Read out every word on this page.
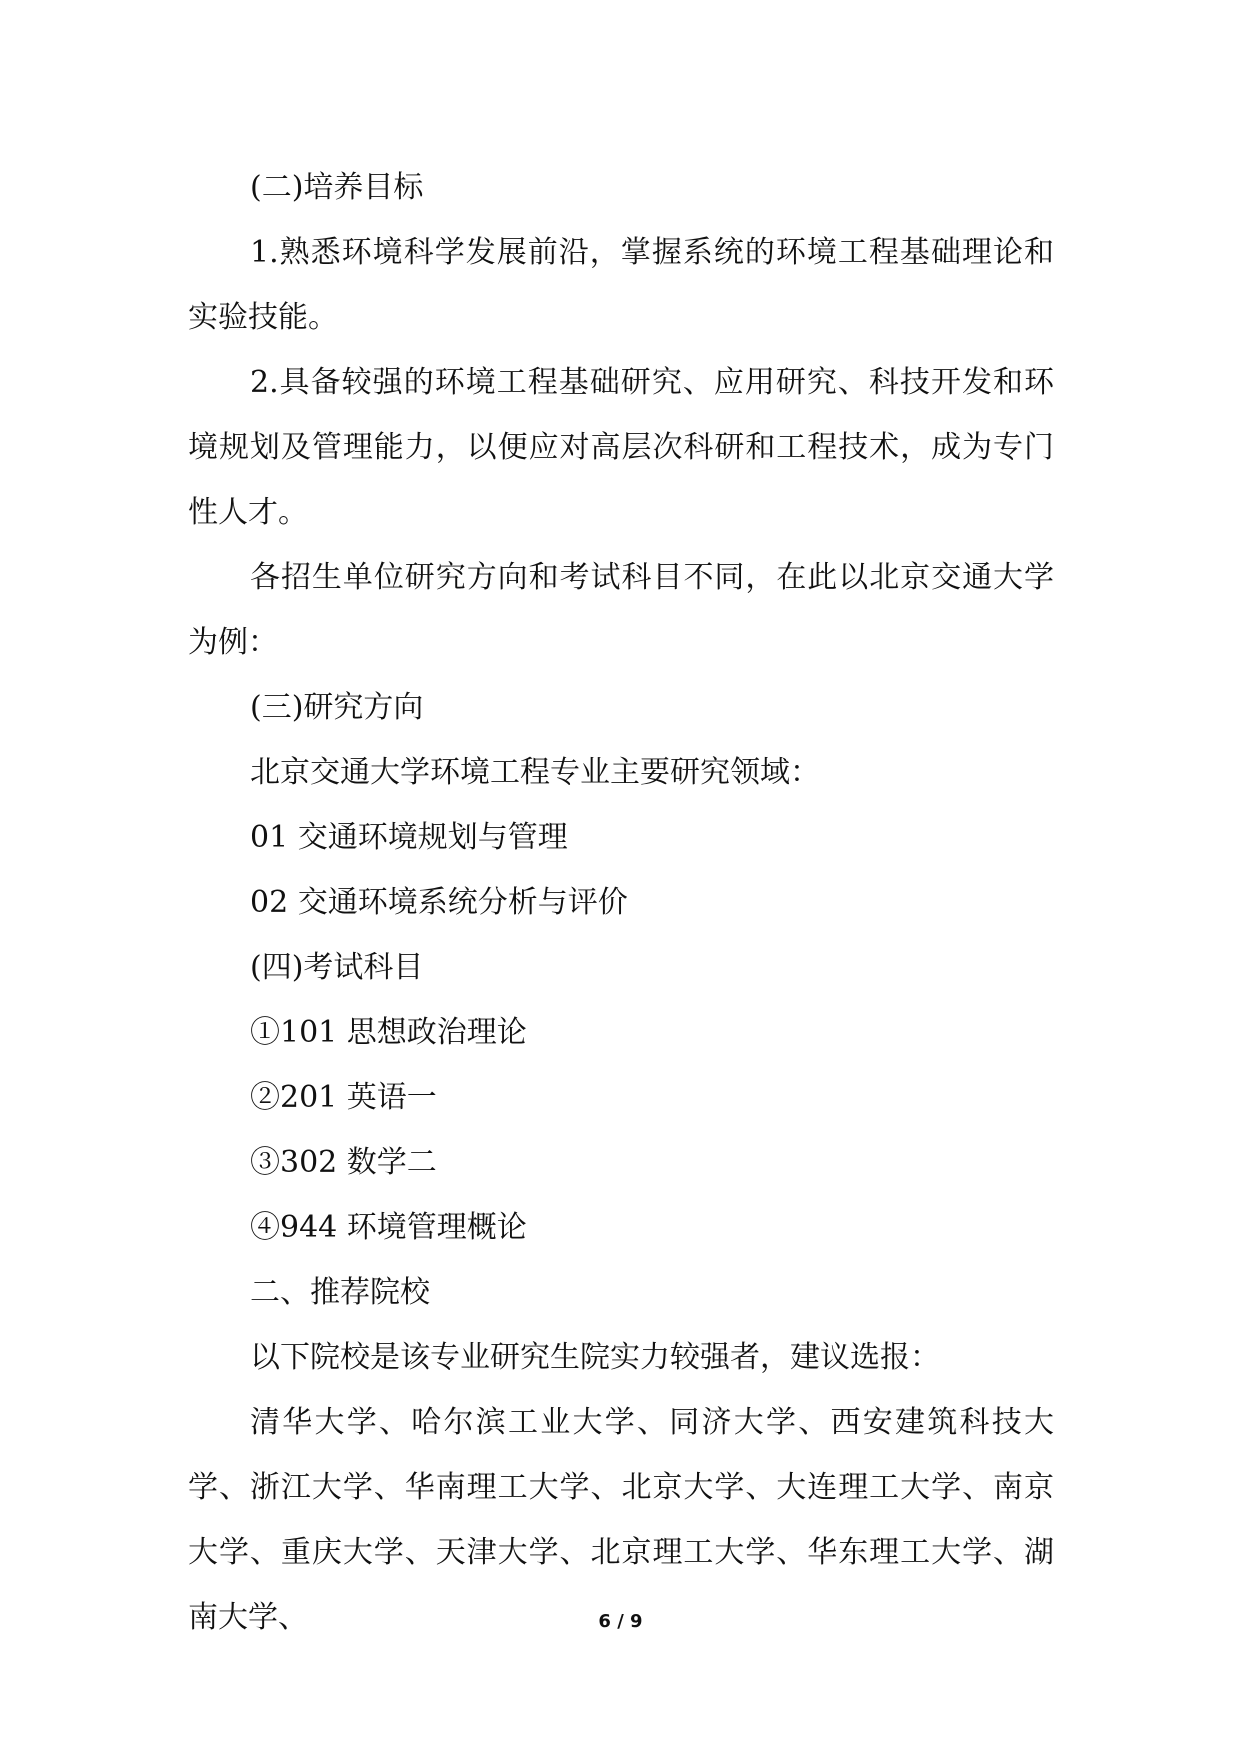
(二)培养目标

1.熟悉环境科学发展前沿，掌握系统的环境工程基础理论和实验技能。

2.具备较强的环境工程基础研究、应用研究、科技开发和环境规划及管理能力，以便应对高层次科研和工程技术，成为专门性人才。

各招生单位研究方向和考试科目不同，在此以北京交通大学为例：

(三)研究方向

北京交通大学环境工程专业主要研究领域：

01 交通环境规划与管理

02 交通环境系统分析与评价

(四)考试科目

①101 思想政治理论

②201 英语一

③302 数学二

④944 环境管理概论

二、推荐院校

以下院校是该专业研究生院实力较强者，建议选报：

清华大学、哈尔滨工业大学、同济大学、西安建筑科技大学、浙江大学、华南理工大学、北京大学、大连理工大学、南京大学、重庆大学、天津大学、北京理工大学、华东理工大学、湖南大学、	6 / 9
